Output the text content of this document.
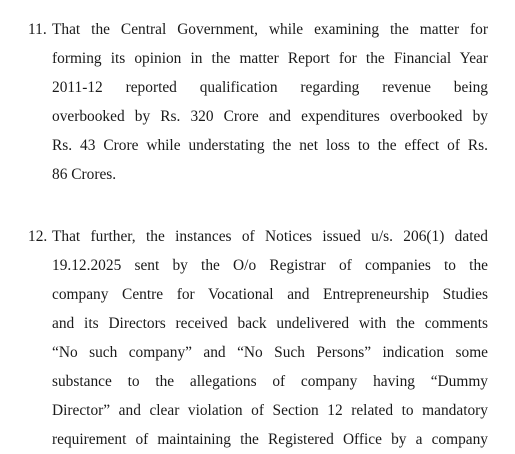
11. That the Central Government, while examining the matter for
forming its opinion in the matter Report for the Financial Year
2011-12 reported qualification regarding revenue being
overbooked by Rs. 320 Crore and expenditures overbooked by
Rs. 43 Crore while understating the net loss to the effect of Rs.
86 Crores.
12. That further, the instances of Notices issued u/s. 206(1) dated
19.12.2025 sent by the O/o Registrar of companies to the
company Centre for Vocational and Entrepreneurship Studies
and its Directors received back undelivered with the comments
“No such company” and “No Such Persons” indication some
substance to the allegations of company having “Dummy
Director” and clear violation of Section 12 related to mandatory
requirement of maintaining the Registered Office by a company
